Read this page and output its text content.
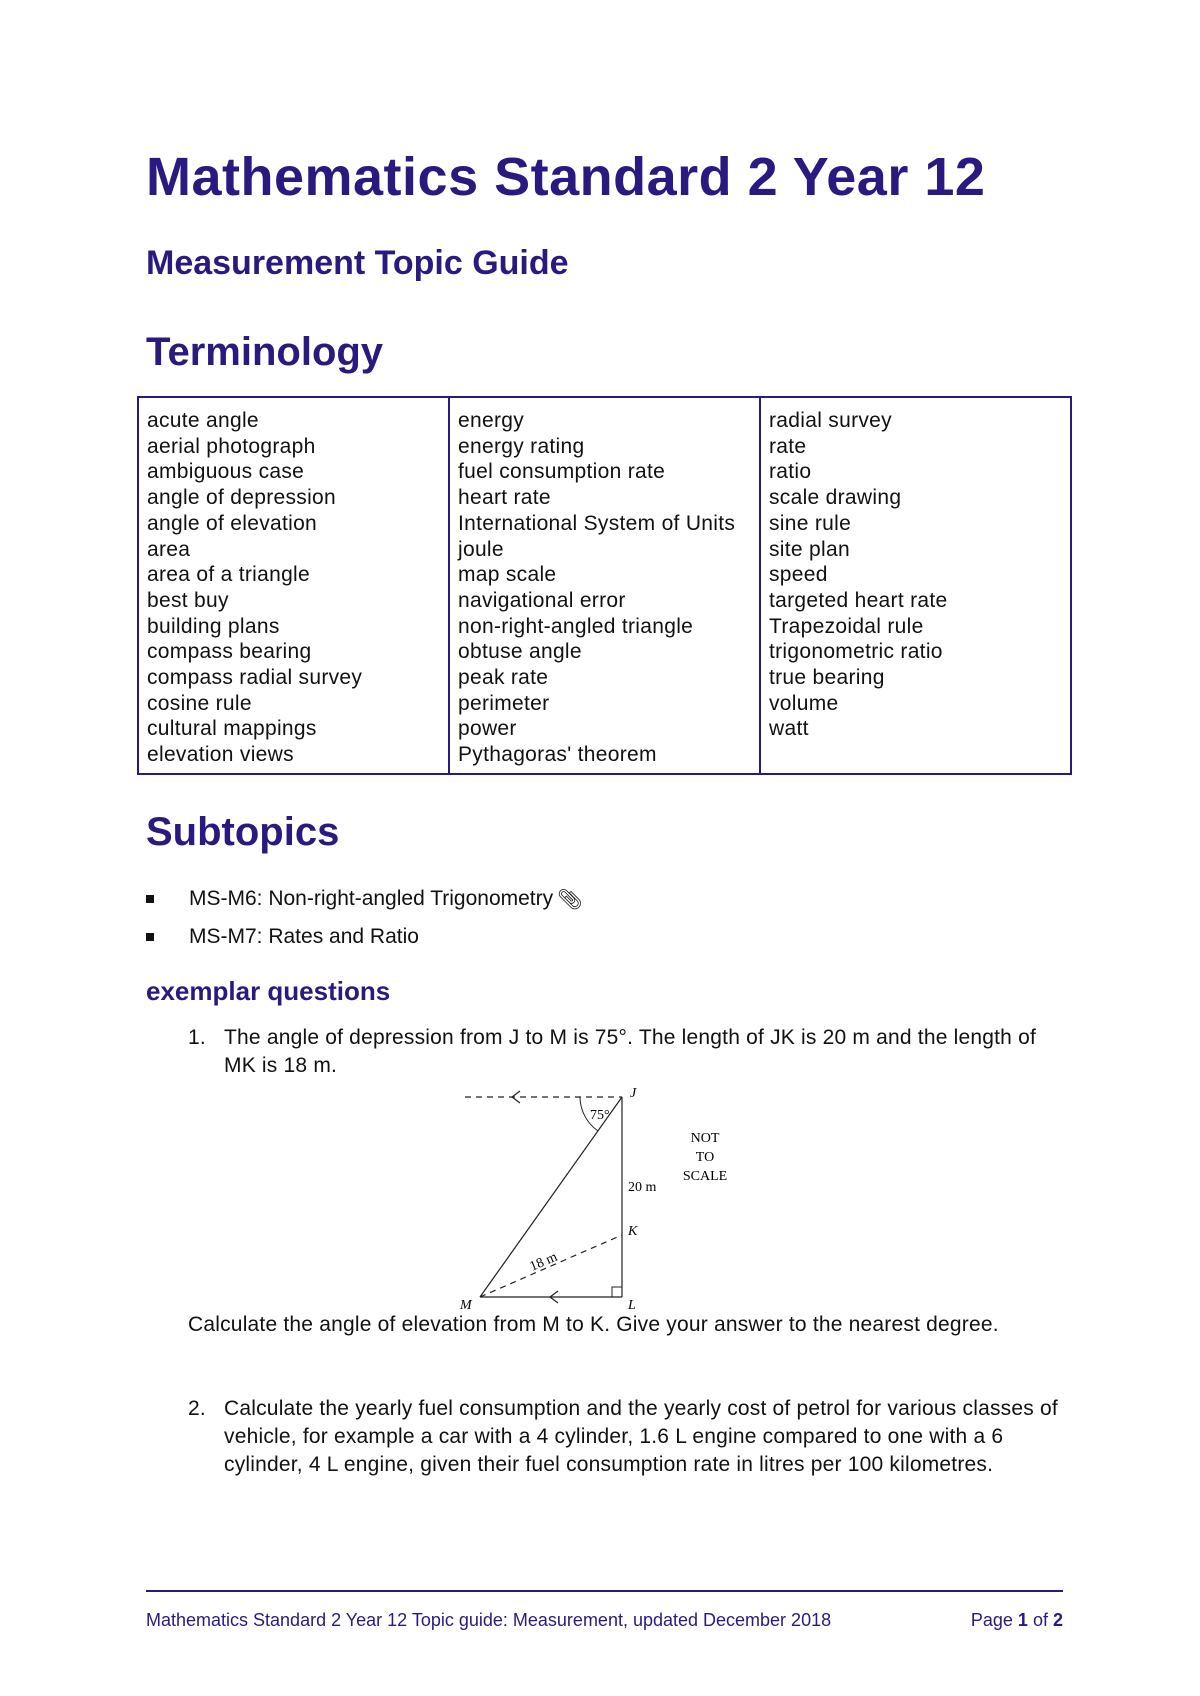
Mathematics Standard 2 Year 12
Measurement Topic Guide
Terminology
acute angle
aerial photograph
ambiguous case
angle of depression
angle of elevation
area
area of a triangle
best buy
building plans
compass bearing
compass radial survey
cosine rule
cultural mappings
elevation views
energy
energy rating
fuel consumption rate
heart rate
International System of Units
joule
map scale
navigational error
non-right-angled triangle
obtuse angle
peak rate
perimeter
power
Pythagoras' theorem
radial survey
rate
ratio
scale drawing
sine rule
site plan
speed
targeted heart rate
Trapezoidal rule
trigonometric ratio
true bearing
volume
watt
Subtopics
MS-M6: Non-right-angled Trigonometry 📎︎
MS-M7: Rates and Ratio
exemplar questions
1. The angle of depression from J to M is 75°. The length of JK is 20 m and the length of MK is 18 m.
75°
J
20 m
K
L
M
18 m
NOT
TO
SCALE
Calculate the angle of elevation from M to K. Give your answer to the nearest degree.
2. Calculate the yearly fuel consumption and the yearly cost of petrol for various classes of vehicle, for example a car with a 4 cylinder, 1.6 L engine compared to one with a 6 cylinder, 4 L engine, given their fuel consumption rate in litres per 100 kilometres.
Mathematics Standard 2 Year 12 Topic guide: Measurement, updated December 2018	Page 1 of 2
